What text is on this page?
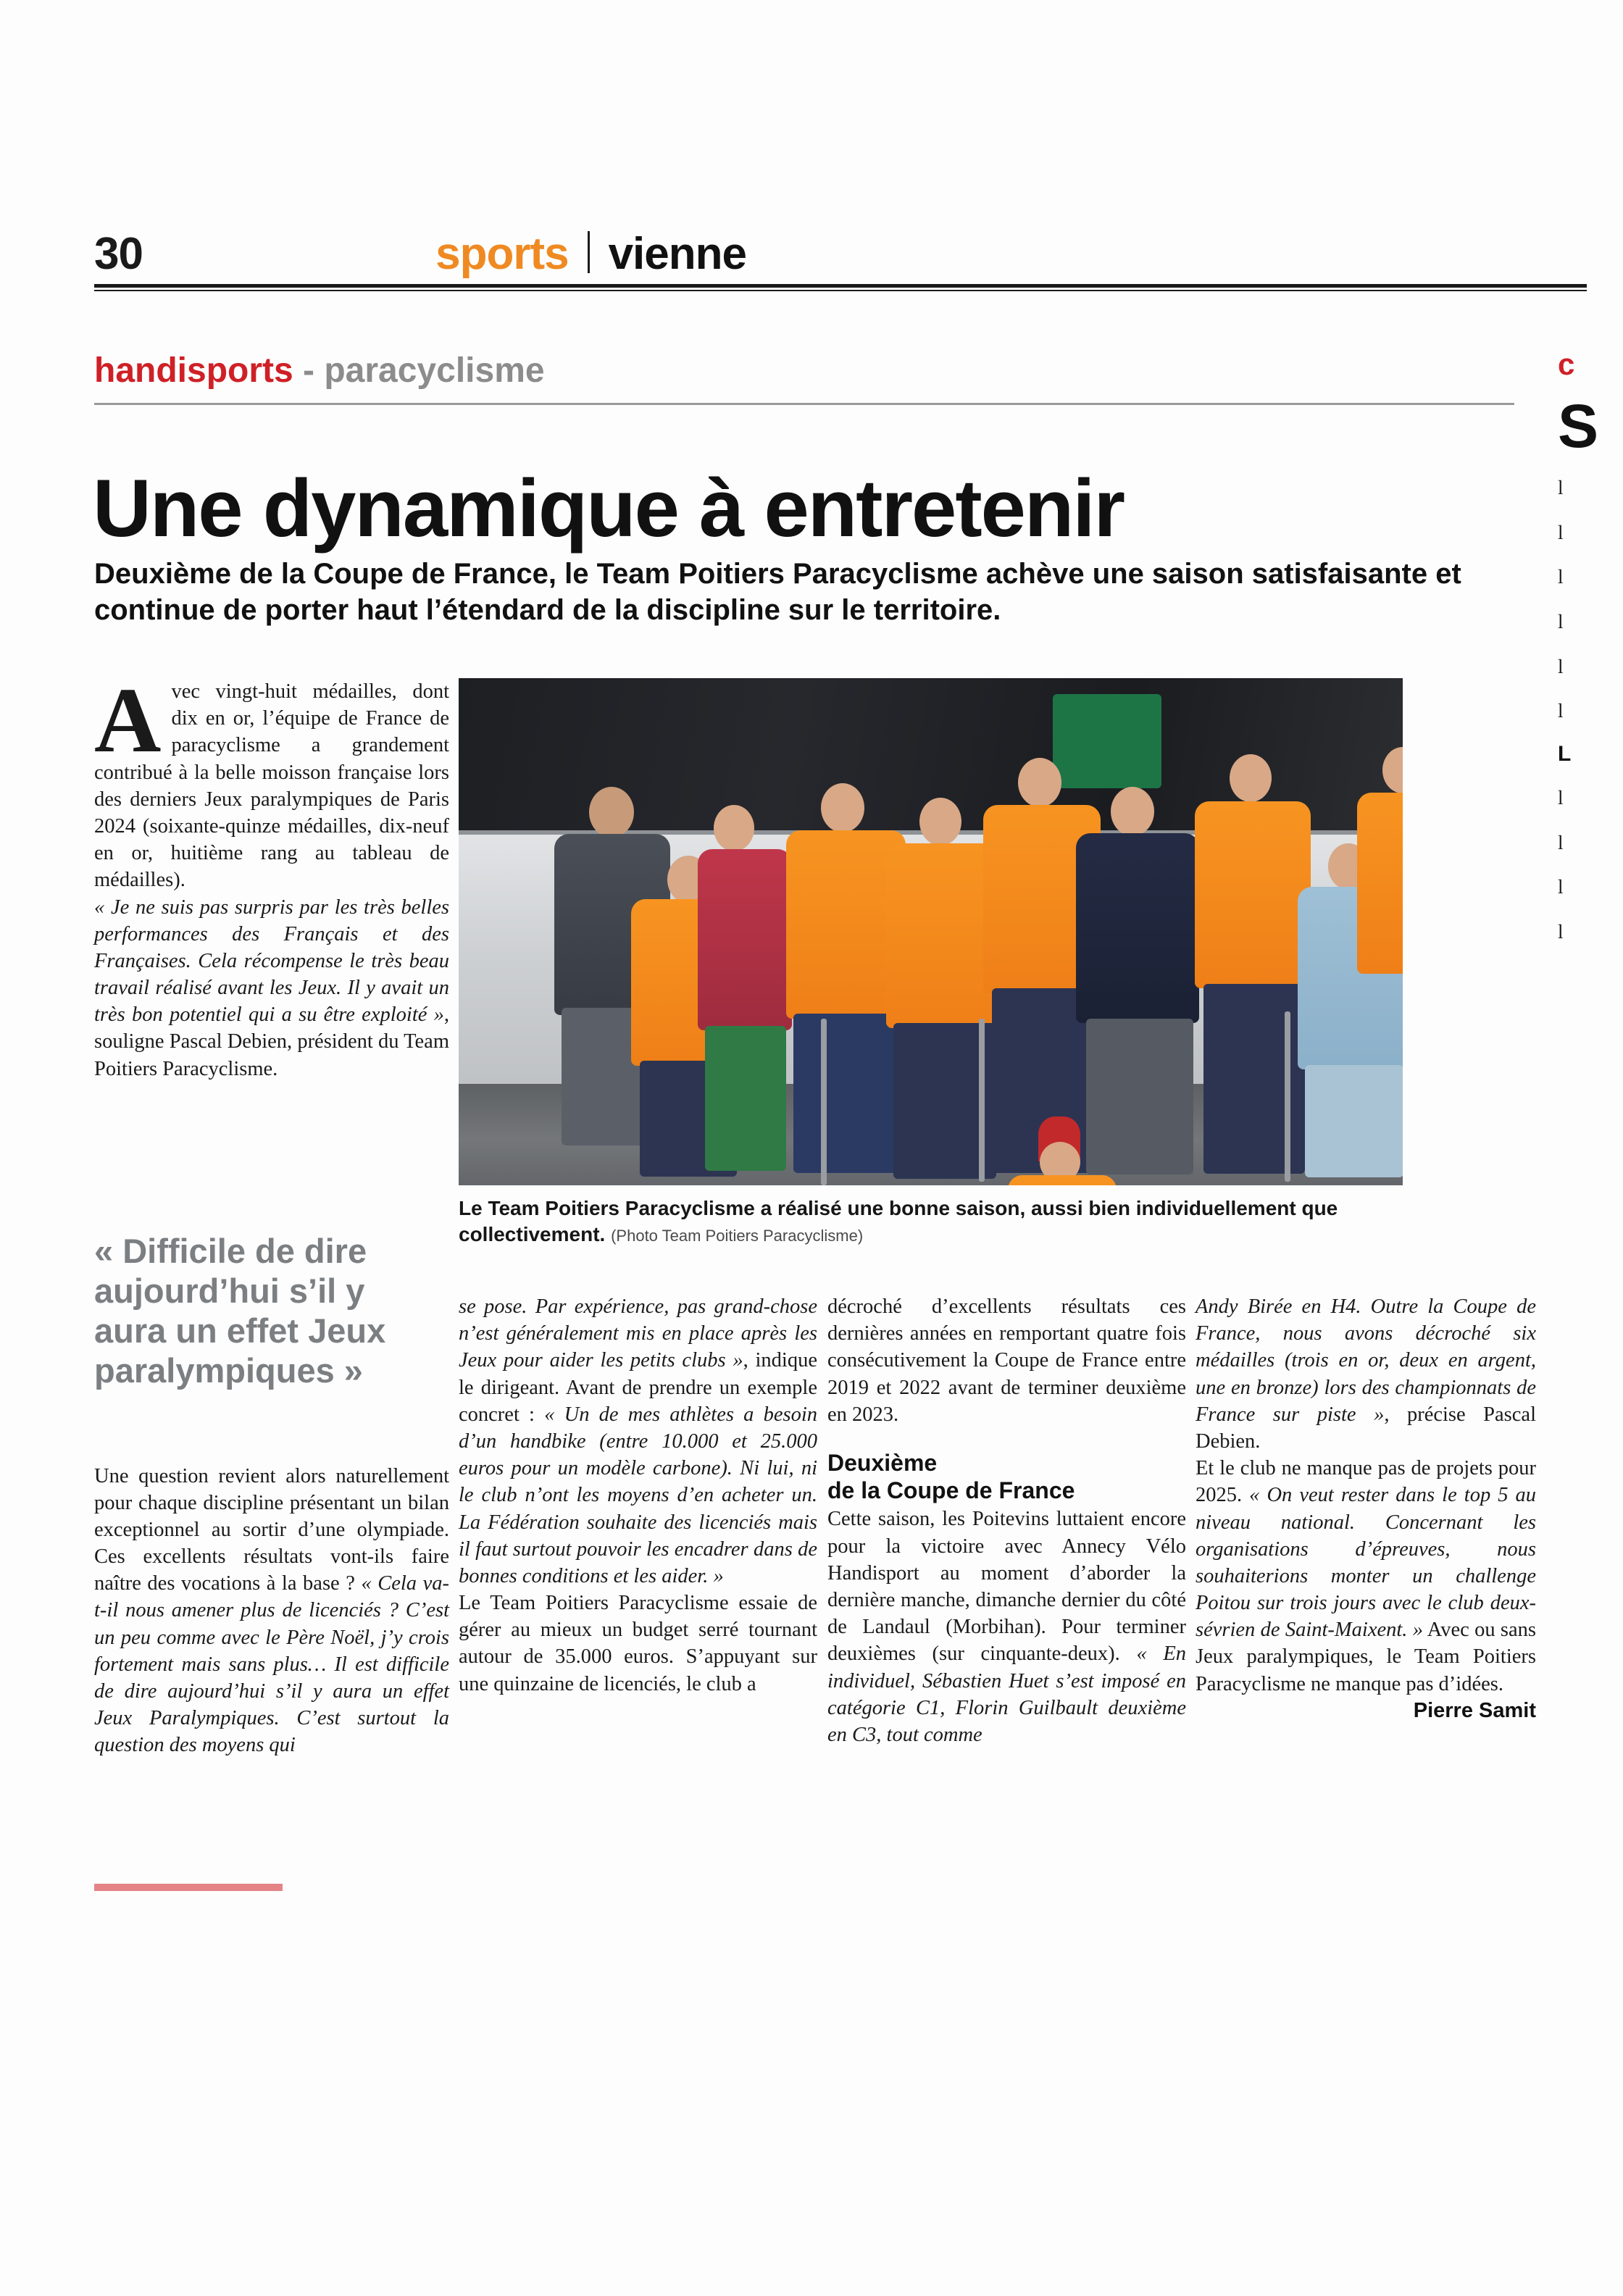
30	sports vienne
handisports - paracyclisme
Une dynamique à entretenir
Deuxième de la Coupe de France, le Team Poitiers Paracyclisme achève une saison satisfaisante et continue de porter haut l’étendard de la discipline sur le territoire.
Le Team Poitiers Paracyclisme a réalisé une bonne saison, aussi bien individuellement que collectivement. (Photo Team Poitiers Paracyclisme)

Avec vingt-huit médailles, dont dix en or, l’équipe de France de paracyclisme a grandement contribué à la belle moisson française lors des derniers Jeux paralympiques de Paris 2024 (soixante-quinze médailles, dix-neuf en or, huitième rang au tableau de médailles).

« Je ne suis pas surpris par les très belles performances des Français et des Françaises. Cela récompense le très beau travail réalisé avant les Jeux. Il y avait un très bon potentiel qui a su être exploité », souligne Pascal Debien, président du Team Poitiers Paracyclisme.

« Difficile de dire aujourd’hui s’il y aura un effet Jeux paralympiques »

Une question revient alors naturellement pour chaque discipline présentant un bilan exceptionnel au sortir d’une olympiade. Ces excellents résultats vont-ils faire naître des vocations à la base ? « Cela va-t-il nous amener plus de licenciés ? C’est un peu comme avec le Père Noël, j’y crois fortement mais sans plus… Il est difficile de dire aujourd’hui s’il y aura un effet Jeux Paralympiques. C’est surtout la question des moyens qui

se pose. Par expérience, pas grand-chose n’est généralement mis en place après les Jeux pour aider les petits clubs », indique le dirigeant. Avant de prendre un exemple concret : « Un de mes athlètes a besoin d’un handbike (entre 10.000 et 25.000 euros pour un modèle carbone). Ni lui, ni le club n’ont les moyens d’en acheter un. La Fédération souhaite des licenciés mais il faut surtout pouvoir les encadrer dans de bonnes conditions et les aider. »

Le Team Poitiers Paracyclisme essaie de gérer au mieux un budget serré tournant autour de 35.000 euros. S’appuyant sur une quinzaine de licenciés, le club a

décroché d’excellents résultats ces dernières années en remportant quatre fois consécutivement la Coupe de France entre 2019 et 2022 avant de terminer deuxième en 2023.

Deuxième
de la Coupe de France

Cette saison, les Poitevins luttaient encore pour la victoire avec Annecy Vélo Handisport au moment d’aborder la dernière manche, dimanche dernier du côté de Landaul (Morbihan). Pour terminer deuxièmes (sur cinquante-deux). « En individuel, Sébastien Huet s’est imposé en catégorie C1, Florin Guilbault deuxième en C3, tout comme

Andy Birée en H4. Outre la Coupe de France, nous avons décroché six médailles (trois en or, deux en argent, une en bronze) lors des championnats de France sur piste », précise Pascal Debien.

Et le club ne manque pas de projets pour 2025. « On veut rester dans le top 5 au niveau national. Concernant les organisations d’épreuves, nous souhaiterions monter un challenge Poitou sur trois jours avec le club deux-sévrien de Saint-Maixent. » Avec ou sans Jeux paralympiques, le Team Poitiers Paracyclisme ne manque pas d’idées.

Pierre Samit

c
S
l
l
l
l
l
l
L
l
l
l
l
